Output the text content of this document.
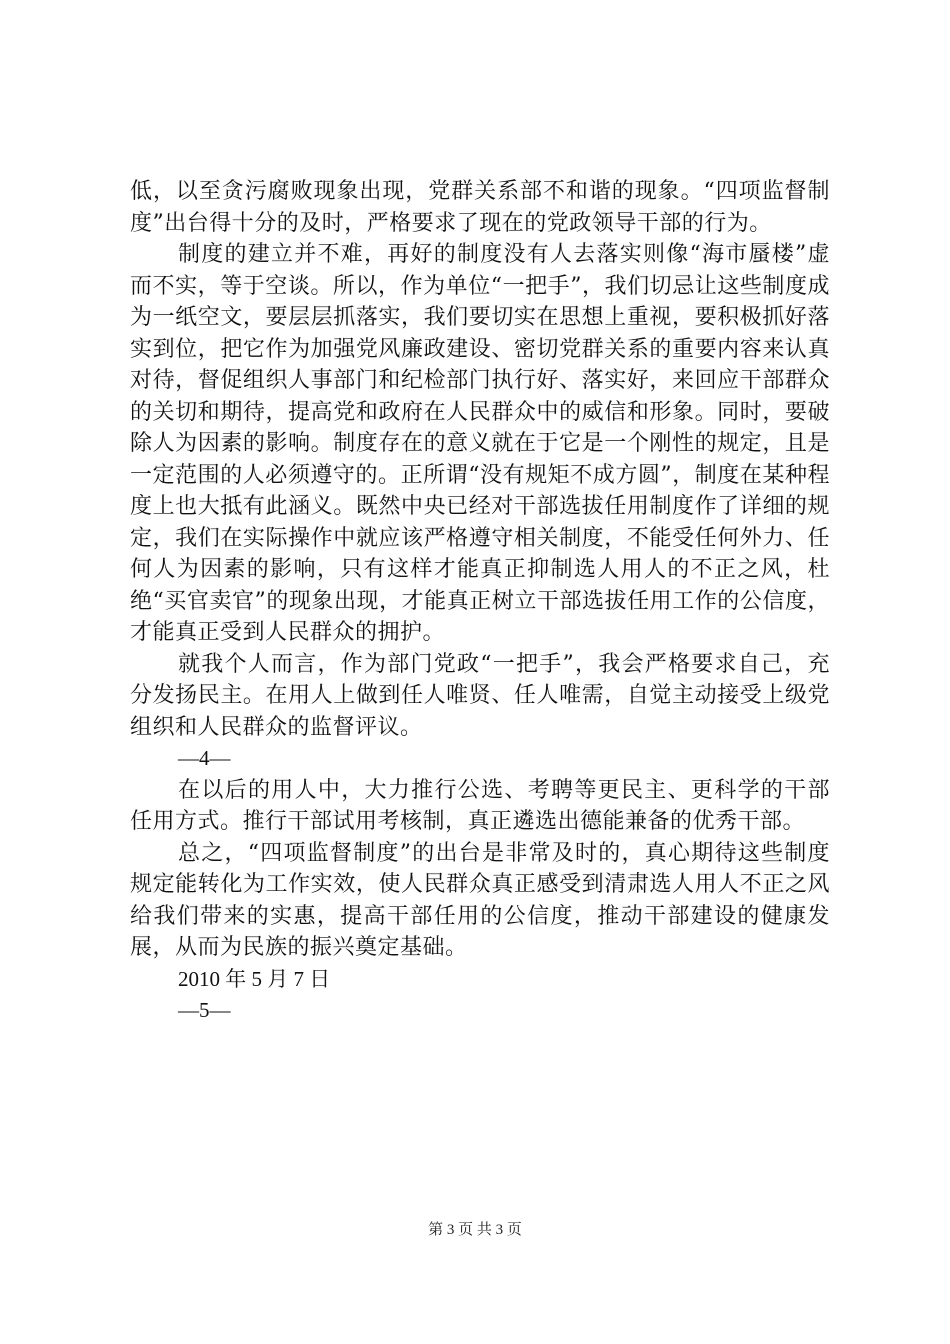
低，以至贪污腐败现象出现，党群关系部不和谐的现象。“四项监督制度”出台得十分的及时，严格要求了现在的党政领导干部的行为。

制度的建立并不难，再好的制度没有人去落实则像“海市蜃楼”虚而不实，等于空谈。所以，作为单位“一把手”，我们切忌让这些制度成为一纸空文，要层层抓落实，我们要切实在思想上重视，要积极抓好落实到位，把它作为加强党风廉政建设、密切党群关系的重要内容来认真对待，督促组织人事部门和纪检部门执行好、落实好，来回应干部群众的关切和期待，提高党和政府在人民群众中的威信和形象。同时，要破除人为因素的影响。制度存在的意义就在于它是一个刚性的规定，且是一定范围的人必须遵守的。正所谓“没有规矩不成方圆”，制度在某种程度上也大抵有此涵义。既然中央已经对干部选拔任用制度作了详细的规定，我们在实际操作中就应该严格遵守相关制度，不能受任何外力、任何人为因素的影响，只有这样才能真正抑制选人用人的不正之风，杜绝“买官卖官”的现象出现，才能真正树立干部选拔任用工作的公信度，才能真正受到人民群众的拥护。

就我个人而言，作为部门党政“一把手”，我会严格要求自己，充分发扬民主。在用人上做到任人唯贤、任人唯需，自觉主动接受上级党组织和人民群众的监督评议。

—4—

在以后的用人中，大力推行公选、考聘等更民主、更科学的干部任用方式。推行干部试用考核制，真正遴选出德能兼备的优秀干部。

总之，“四项监督制度”的出台是非常及时的，真心期待这些制度规定能转化为工作实效，使人民群众真正感受到清肃选人用人不正之风给我们带来的实惠，提高干部任用的公信度，推动干部建设的健康发展，从而为民族的振兴奠定基础。

2010 年 5 月 7 日

—5—

第 3 页 共 3 页
